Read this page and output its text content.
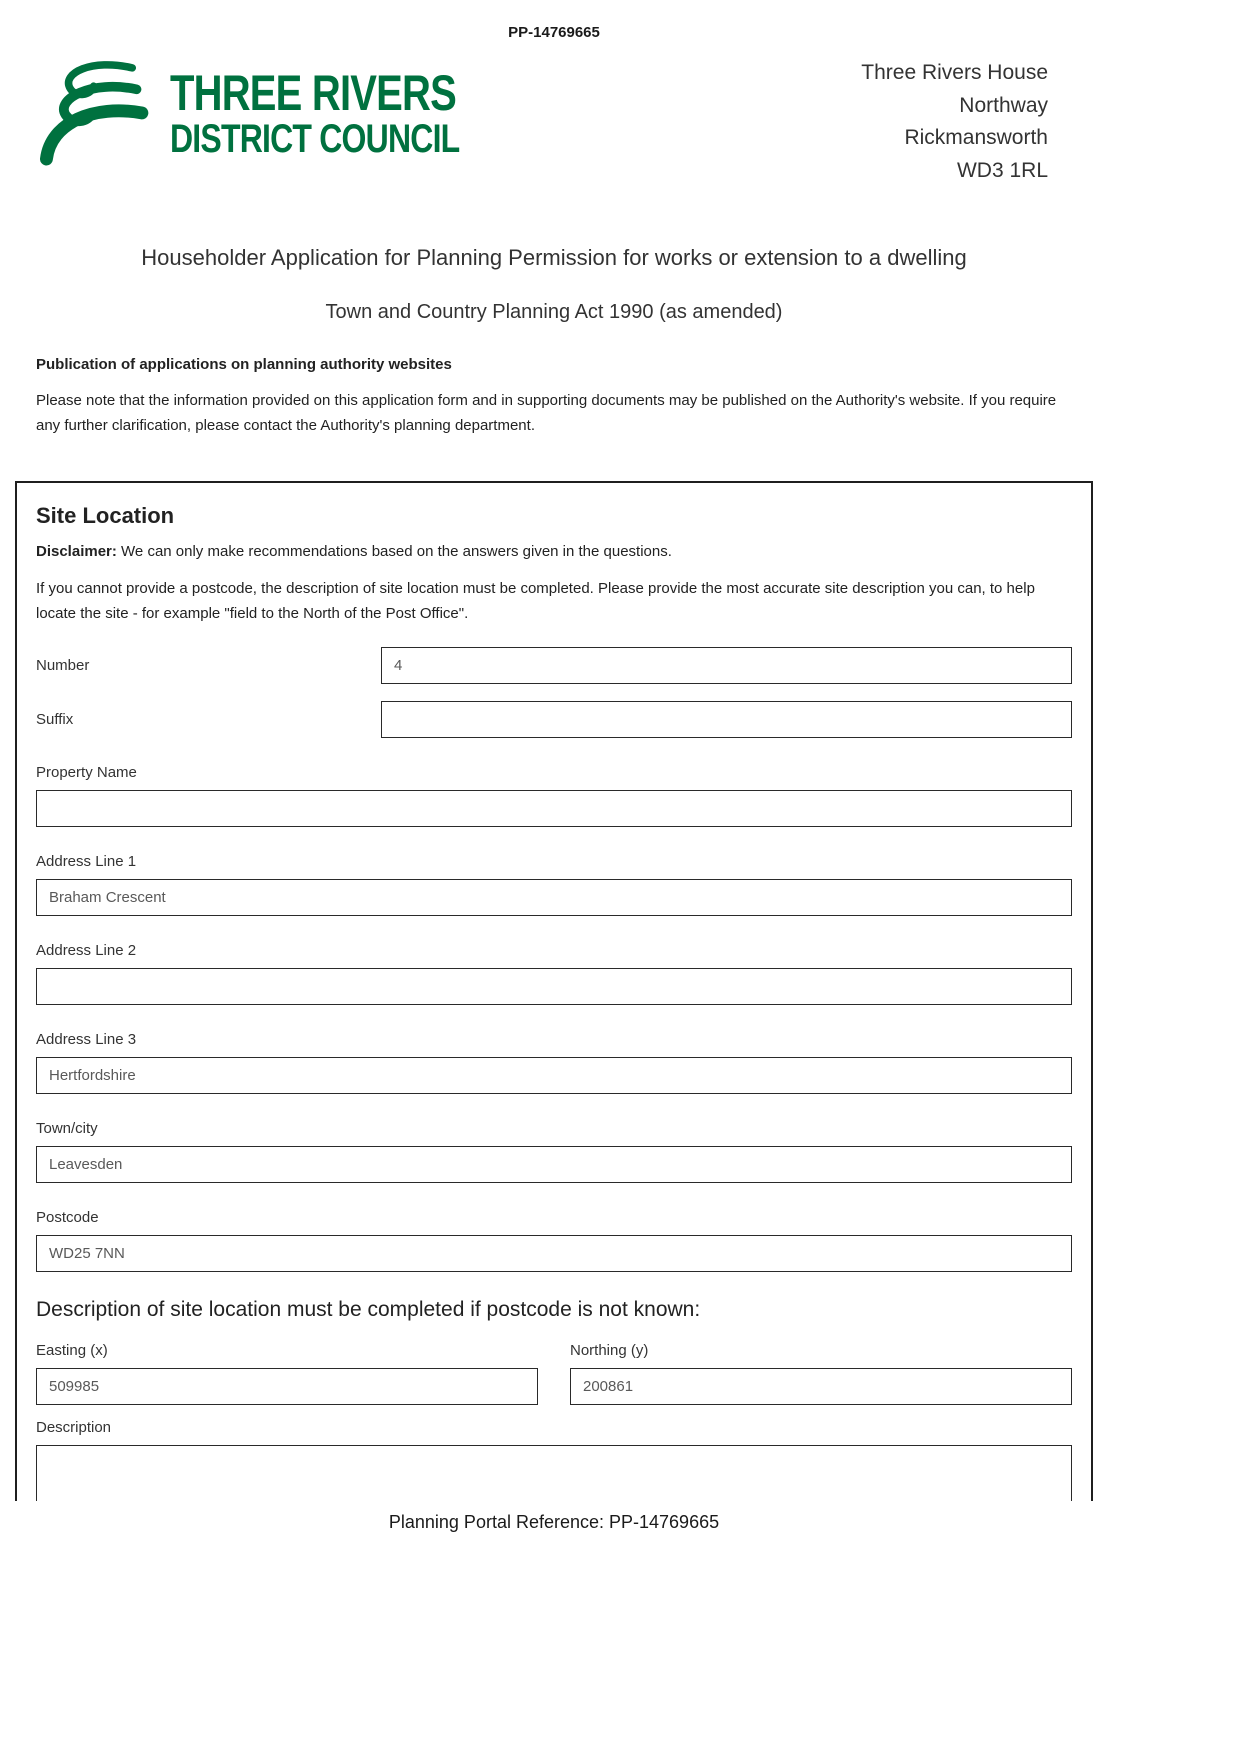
PP-14769665
THREE RIVERS
DISTRICT COUNCIL
Three Rivers House
Northway
Rickmansworth
WD3 1RL
Householder Application for Planning Permission for works or extension to a dwelling
Town and Country Planning Act 1990 (as amended)
Publication of applications on planning authority websites
Please note that the information provided on this application form and in supporting documents may be published on the Authority's website. If you require any further clarification, please contact the Authority's planning department.
Site Location
Disclaimer: We can only make recommendations based on the answers given in the questions.
If you cannot provide a postcode, the description of site location must be completed. Please provide the most accurate site description you can, to help locate the site - for example "field to the North of the Post Office".
Number
4
Suffix
Property Name
Address Line 1
Braham Crescent
Address Line 2
Address Line 3
Hertfordshire
Town/city
Leavesden
Postcode
WD25 7NN
Description of site location must be completed if postcode is not known:
Easting (x)
509985	Northing (y)
200861
Description
Planning Portal Reference: PP-14769665
